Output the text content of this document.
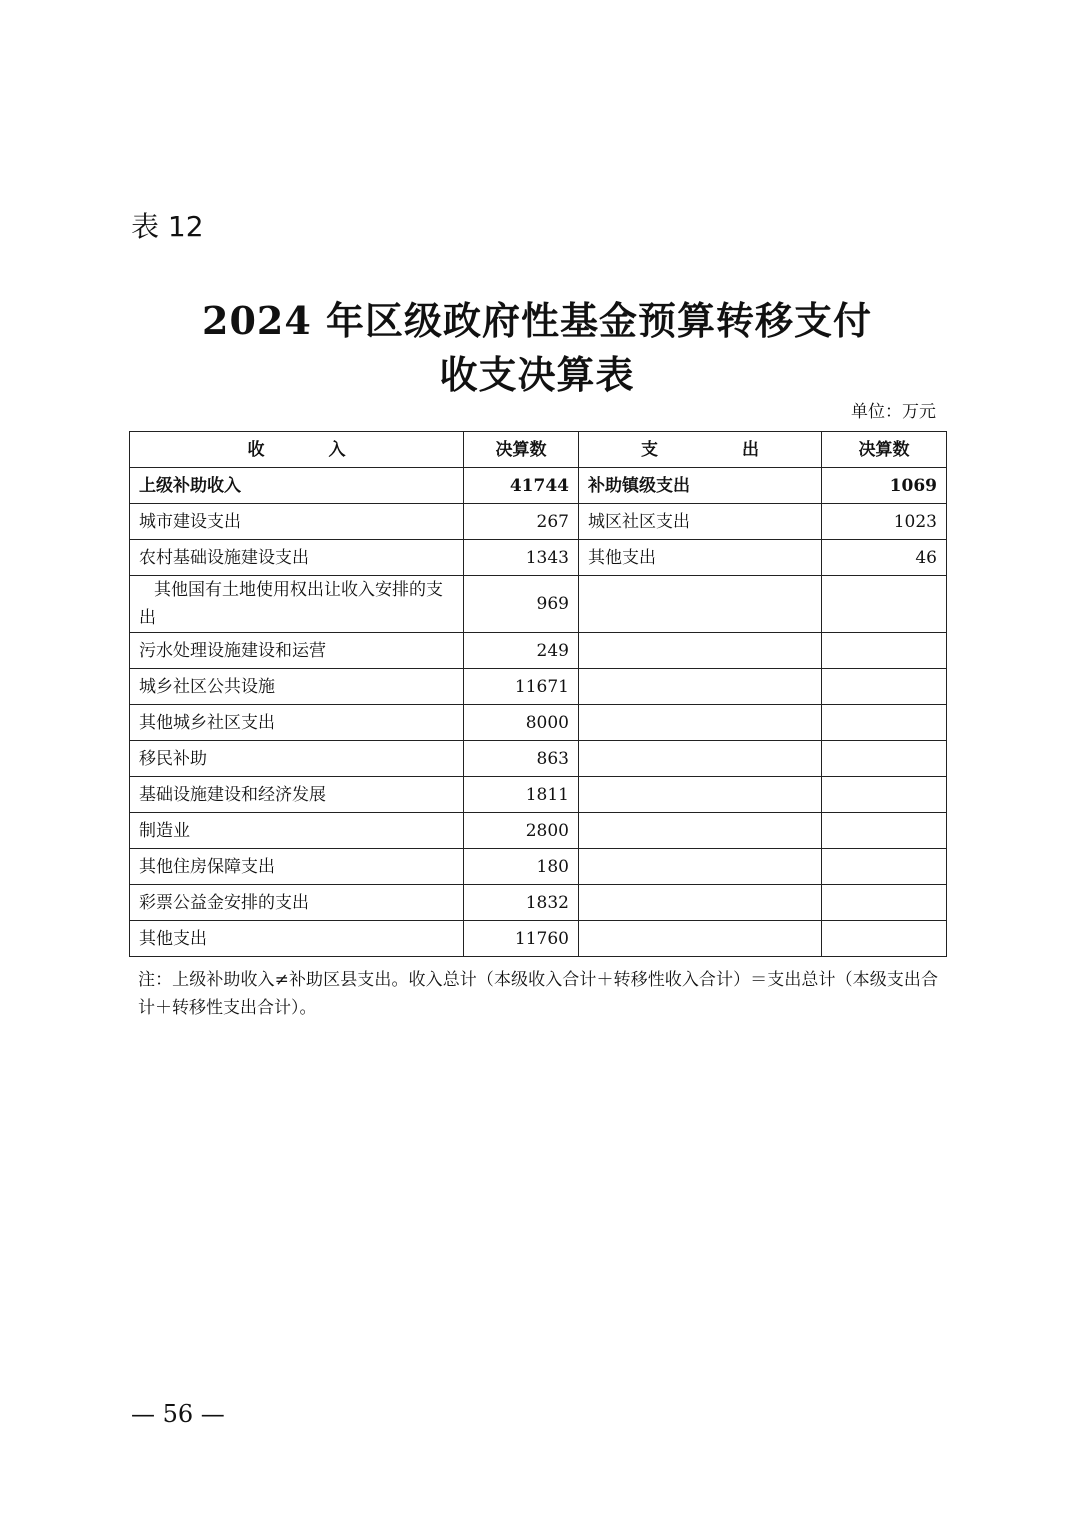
表 12
2024 年区级政府性基金预算转移支付
收支决算表
单位：万元
收 入	决算数	支 出	决算数
上级补助收入	41744	补助镇级支出	1069
城市建设支出	267	城区社区支出	1023
农村基础设施建设支出	1343	其他支出	46

其他国有土地使用权出让收入安排的支出	969		
污水处理设施建设和运营	249		
城乡社区公共设施	11671		
其他城乡社区支出	8000		
移民补助	863		
基础设施建设和经济发展	1811		
制造业	2800		
其他住房保障支出	180		
彩票公益金安排的支出	1832		
其他支出	11760		
注：上级补助收入≠补助区县支出。收入总计（本级收入合计＋转移性收入合计）＝支出总计（本级支出合计＋转移性支出合计）。
— 56 —
